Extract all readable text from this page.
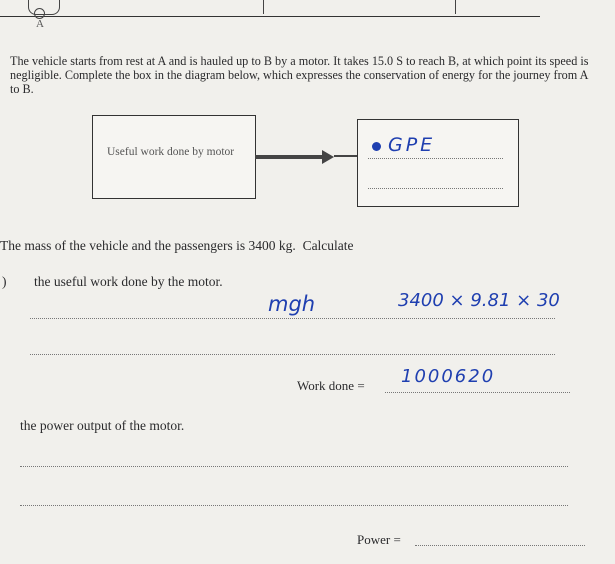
A
The vehicle starts from rest at A and is hauled up to B by a motor. It takes 15.0 S to reach B, at which point its speed is negligible. Complete the box in the diagram below, which expresses the conservation of energy for the journey from A to B.
Useful work done by motor	GPE
The mass of the vehicle and the passengers is 3400 kg. Calculate
) the useful work done by the motor.
mgh	3400 × 9.81 × 30
Work done = 1000620
the power output of the motor.
Power =
